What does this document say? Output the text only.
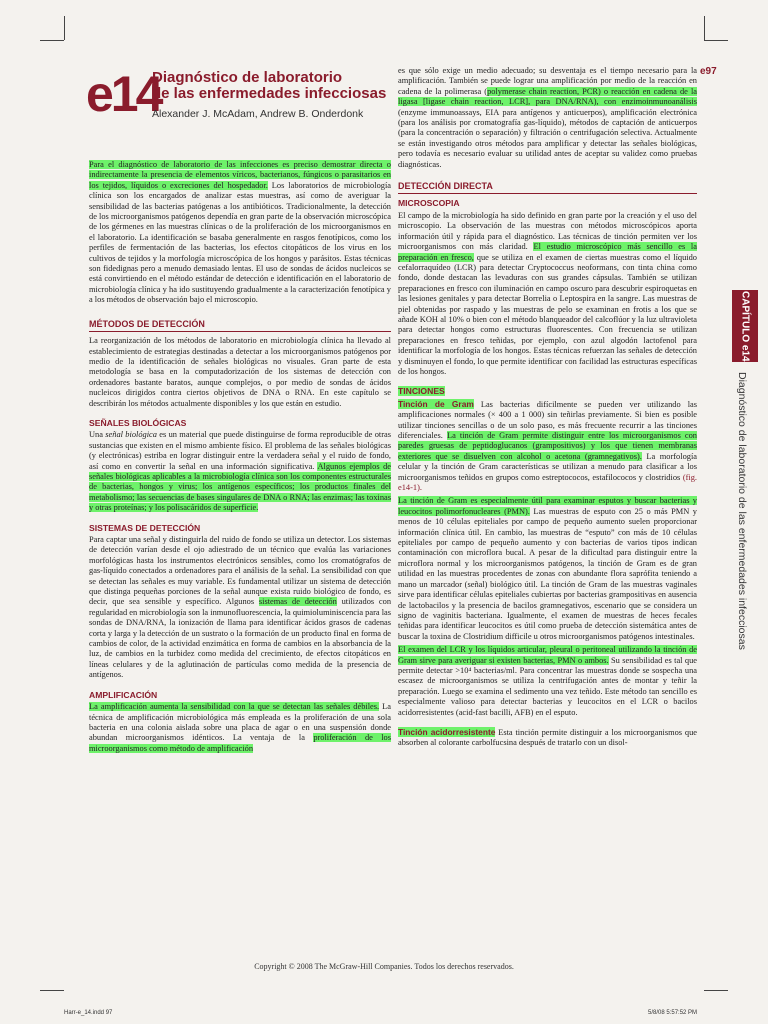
e14
Diagnóstico de laboratorio
de las enfermedades infecciosas
Alexander J. McAdam, Andrew B. Onderdonk
e97
CAPÍTULO e14
Diagnóstico de laboratorio de las enfermedades infecciosas

Para el diagnóstico de laboratorio de las infecciones es preciso demostrar directa o indirectamente la presencia de elementos víricos, bacterianos, fúngicos o parasitarios en los tejidos, líquidos o excreciones del hospedador. Los laboratorios de microbiología clínica son los encargados de analizar estas muestras, así como de averiguar la sensibilidad de las bacterias patógenas a los antibióticos. Tradicionalmente, la detección de los microorganismos patógenos dependía en gran parte de la observación microscópica de los gérmenes en las muestras clínicas o de la proliferación de los microorganismos en el laboratorio. La identificación se basaba generalmente en rasgos fenotípicos, como los perfiles de fermentación de las bacterias, los efectos citopáticos de los virus en los cultivos de tejidos y la morfología microscópica de los hongos y parásitos. Estas técnicas son fidedignas pero a menudo demasiado lentas. El uso de sondas de ácidos nucleicos se está convirtiendo en el método estándar de detección e identificación en el laboratorio de microbiología clínica y ha ido sustituyendo gradualmente a la caracterización fenotípica y a los métodos de observación bajo el microscopio.

MÉTODOS DE DETECCIÓN

La reorganización de los métodos de laboratorio en microbiología clínica ha llevado al establecimiento de estrategias destinadas a detectar a los microorganismos patógenos por medio de la identificación de señales biológicas no visuales. Gran parte de esta metodología se basa en la computadorización de los sistemas de detección con ordenadores bastante baratos, aunque complejos, o por medio de sondas de ácidos nucleicos dirigidos contra ciertos objetivos de DNA o RNA. En este capítulo se describirán los métodos actualmente disponibles y los que están en estudio.

SEÑALES BIOLÓGICAS

Una señal biológica es un material que puede distinguirse de forma reproducible de otras sustancias que existen en el mismo ambiente físico. El problema de las señales biológicas (y electrónicas) estriba en lograr distinguir entre la verdadera señal y el ruido de fondo, así como en convertir la señal en una información significativa. Algunos ejemplos de señales biológicas aplicables a la microbiología clínica son los componentes estructurales de bacterias, hongos y virus; los antígenos específicos; los productos finales del metabolismo; las secuencias de bases singulares de DNA o RNA; las enzimas; las toxinas y otras proteínas; y los polisacáridos de superficie.

SISTEMAS DE DETECCIÓN

Para captar una señal y distinguirla del ruido de fondo se utiliza un detector. Los sistemas de detección varían desde el ojo adiestrado de un técnico que evalúa las variaciones morfológicas hasta los instrumentos electrónicos sensibles, como los cromatógrafos de gas-líquido conectados a ordenadores para el análisis de la señal. La sensibilidad con que se detectan las señales es muy variable. Es fundamental utilizar un sistema de detección que distinga pequeñas porciones de la señal aunque exista ruido biológico de fondo, es decir, que sea sensible y específico. Algunos sistemas de detección utilizados con regularidad en microbiología son la inmunofluorescencia, la quimioluminiscencia para las sondas de DNA/RNA, la ionización de llama para identificar ácidos grasos de cadenas corta y larga y la detección de un sustrato o la formación de un producto final en forma de cambios de color, de la actividad enzimática en forma de cambios en la absorbancia de la luz, de cambios en la turbidez como medida del crecimiento, de efectos citopáticos en líneas celulares y de la aglutinación de partículas como medida de la presencia de antígenos.

AMPLIFICACIÓN

La amplificación aumenta la sensibilidad con la que se detectan las señales débiles. La técnica de amplificación microbiológica más empleada es la proliferación de una sola bacteria en una colonia aislada sobre una placa de agar o en una suspensión donde abundan microorganismos idénticos. La ventaja de la proliferación de los microorganismos como método de amplificación

es que sólo exige un medio adecuado; su desventaja es el tiempo necesario para la amplificación. También se puede lograr una amplificación por medio de la reacción en cadena de la polimerasa (polymerase chain reaction, PCR) o reacción en cadena de la ligasa [ligase chain reaction, LCR], para DNA/RNA), con enzimoinmunoanálisis (enzyme immunoassays, EIA para antígenos y anticuerpos), amplificación electrónica (para los análisis por cromatografía gas-líquido), métodos de captación de anticuerpos (para la concentración o separación) y filtración o centrifugación selectiva. Actualmente se están investigando otros métodos para amplificar y detectar las señales biológicas, pero todavía es necesario evaluar su utilidad antes de aceptar su validez como pruebas diagnósticas.

DETECCIÓN DIRECTA
MICROSCOPIA

El campo de la microbiología ha sido definido en gran parte por la creación y el uso del microscopio. La observación de las muestras con métodos microscópicos aporta información útil y rápida para el diagnóstico. Las técnicas de tinción permiten ver los microorganismos con más claridad. El estudio microscópico más sencillo es la preparación en fresco, que se utiliza en el examen de ciertas muestras como el líquido cefalorraquídeo (LCR) para detectar Cryptococcus neoformans, con tinta china como fondo, donde destacan las levaduras con sus grandes cápsulas. También se utilizan preparaciones en fresco con iluminación en campo oscuro para descubrir espiroquetas en las lesiones genitales y para detectar Borrelia o Leptospira en la sangre. Las muestras de piel obtenidas por raspado y las muestras de pelo se examinan en frotis a los que se añade KOH al 10% o bien con el método blanqueador del calcoflúor y la luz ultravioleta para detectar hongos como estructuras fluorescentes. Con frecuencia se utilizan preparaciones en fresco teñidas, por ejemplo, con azul algodón lactofenol para identificar la morfología de los hongos. Estas técnicas refuerzan las señales de detección y disminuyen el fondo, lo que permite identificar con facilidad las estructuras específicas de los hongos.

TINCIONES

Tinción de Gram Las bacterias difícilmente se pueden ver utilizando las amplificaciones normales (× 400 a 1 000) sin teñirlas previamente. Si bien es posible utilizar tinciones sencillas o de un solo paso, es más frecuente recurrir a las tinciones diferenciales. La tinción de Gram permite distinguir entre los microorganismos con paredes gruesas de peptidoglucanos (grampositivos) y los que tienen membranas exteriores que se disuelven con alcohol o acetona (gramnegativos). La morfología celular y la tinción de Gram características se utilizan a menudo para clasificar a los microorganismos teñidos en grupos como estreptococos, estafilococos y clostridios (fig. e14-1).

La tinción de Gram es especialmente útil para examinar esputos y buscar bacterias y leucocitos polimorfonucleares (PMN). Las muestras de esputo con 25 o más PMN y menos de 10 células epiteliales por campo de pequeño aumento suelen proporcionar información clínica útil. En cambio, las muestras de “esputo” con más de 10 células epiteliales por campo de pequeño aumento y con bacterias de varios tipos indican contaminación con microflora bucal. A pesar de la dificultad para distinguir entre la microflora normal y los microorganismos patógenos, la tinción de Gram es de gran utilidad en las muestras procedentes de zonas con abundante flora saprófita teniendo a mano un marcador (señal) biológico útil. La tinción de Gram de las muestras vaginales sirve para identificar células epiteliales cubiertas por bacterias grampositivas en ausencia de lactobacilos y la presencia de bacilos gramnegativos, escenario que se considera un signo de vaginitis bacteriana. Igualmente, el examen de muestras de heces fecales teñidas para identificar leucocitos es útil como prueba de detección sistemática antes de buscar la toxina de Clostridium difficile u otros microorganismos patógenos intestinales.

El examen del LCR y los líquidos articular, pleural o peritoneal utilizando la tinción de Gram sirve para averiguar si existen bacterias, PMN o ambos. Su sensibilidad es tal que permite detectar >10⁴ bacterias/ml. Para concentrar las muestras donde se sospecha una escasez de microorganismos se utiliza la centrifugación antes de montar y teñir la preparación. Luego se examina el sedimento una vez teñido. Este método tan sencillo es especialmente valioso para detectar bacterias y leucocitos en el LCR o bacilos acidorresistentes (acid-fast bacilli, AFB) en el esputo.

Tinción acidorresistente Esta tinción permite distinguir a los microorganismos que absorben al colorante carbolfucsina después de tratarlo con un disol-

Copyright © 2008 The McGraw-Hill Companies. Todos los derechos reservados.
Harr-e_14.indd 97	5/8/08 5:57:52 PM
